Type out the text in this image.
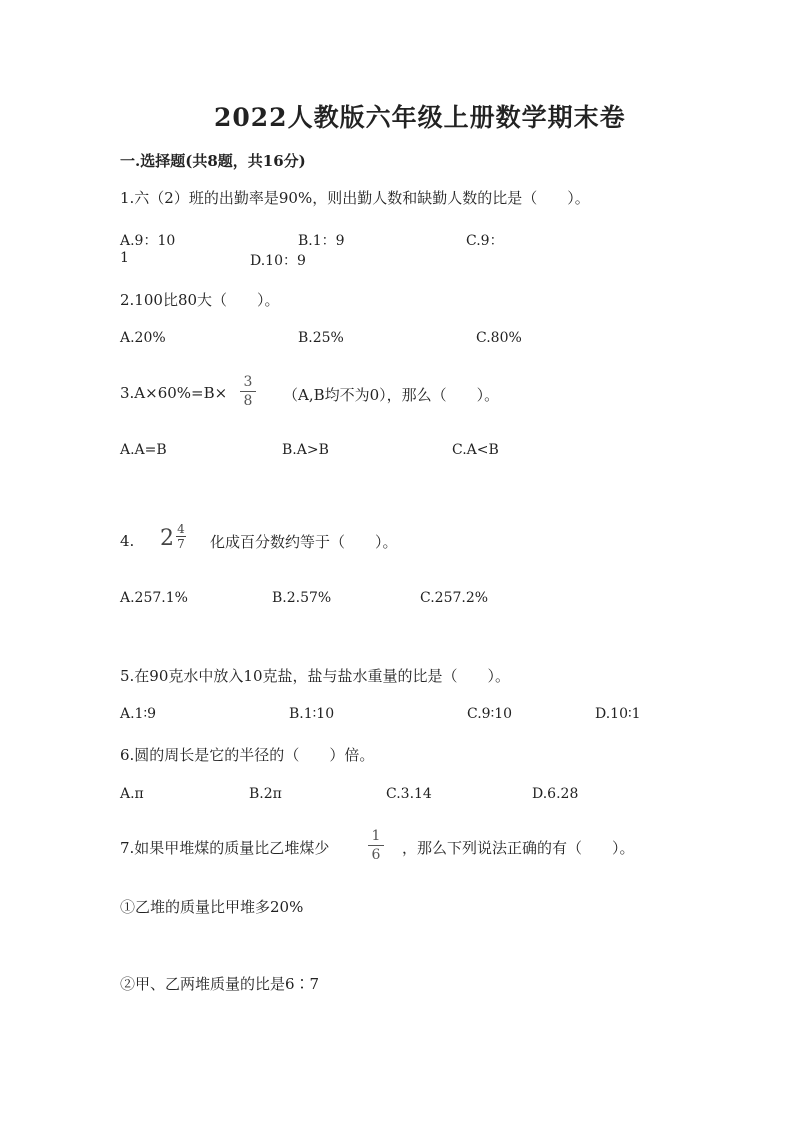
2022人教版六年级上册数学期末卷
一.选择题(共8题，共16分)
1.六（2）班的出勤率是90%，则出勤人数和缺勤人数的比是（　　）。
A.9：10	B.1：9	C.9：
1	D.10：9
2.100比80大（　　）。
A.20%	B.25%	C.80%
3.A×60%=B×
3
8 （A,B均不为0），那么（　　）。
A.A=B	B.A>B	C.A<B
4. 2 4
7 化成百分数约等于（　　）。
A.257.1%	B.2.57%	C.257.2%
5.在90克水中放入10克盐，盐与盐水重量的比是（　　）。
A.1∶9	B.1∶10	C.9∶10	D.10∶1
6.圆的周长是它的半径的（　　）倍。
A.π	B.2π	C.3.14	D.6.28
7.如果甲堆煤的质量比乙堆煤少
1
6 ，那么下列说法正确的有（　　）。
①乙堆的质量比甲堆多20%
②甲、乙两堆质量的比是6∶7
